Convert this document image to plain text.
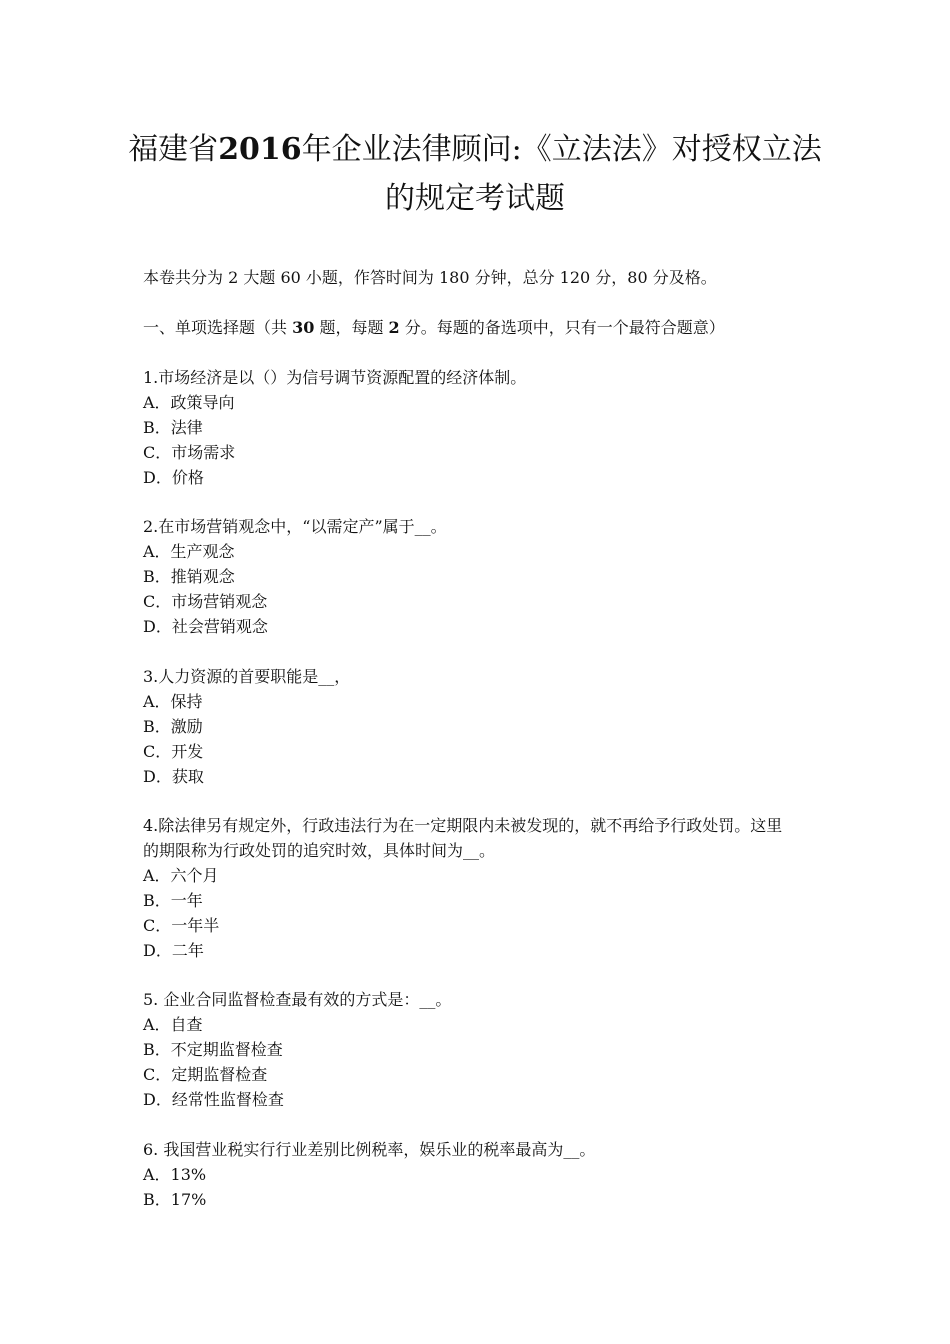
福建省2016年企业法律顾问:《立法法》对授权立法
的规定考试题
本卷共分为 2 大题 60 小题，作答时间为 180 分钟，总分 120 分，80 分及格。
一、单项选择题（共 30 题，每题 2 分。每题的备选项中，只有一个最符合题意）
1.市场经济是以（）为信号调节资源配置的经济体制。
A．政策导向
B．法律
C．市场需求
D．价格
2.在市场营销观念中，“以需定产”属于__。
A．生产观念
B．推销观念
C．市场营销观念
D．社会营销观念
3.人力资源的首要职能是__，
A．保持
B．激励
C．开发
D．获取
4.除法律另有规定外，行政违法行为在一定期限内未被发现的，就不再给予行政处罚。这里
的期限称为行政处罚的追究时效，具体时间为__。
A．六个月
B．一年
C．一年半
D．二年
5. 企业合同监督检查最有效的方式是：__。
A．自查
B．不定期监督检查
C．定期监督检查
D．经常性监督检查
6. 我国营业税实行行业差别比例税率，娱乐业的税率最高为__。
A．13%
B．17%
